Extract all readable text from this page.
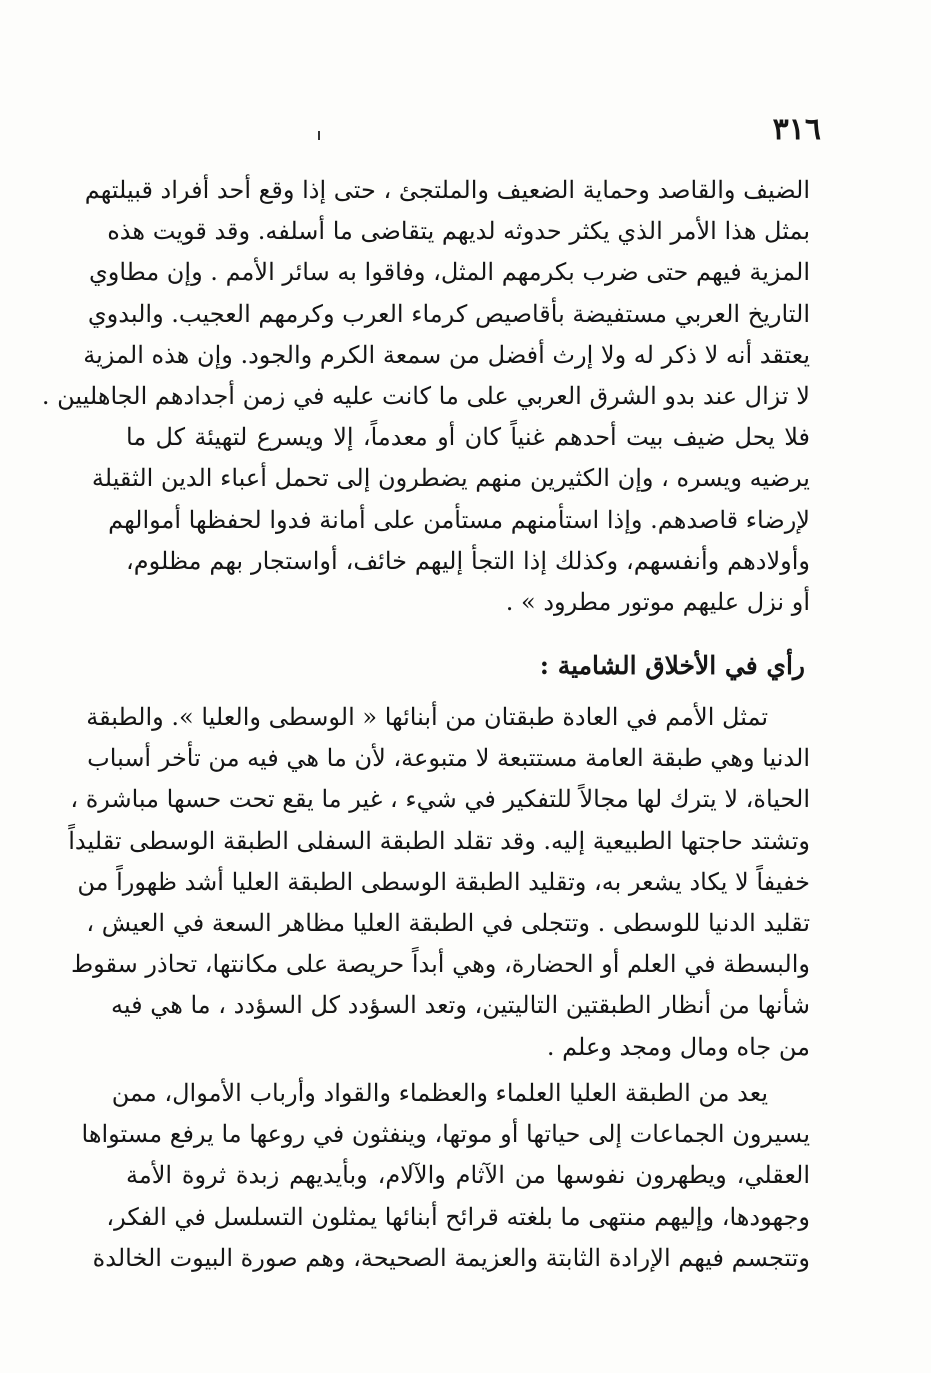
٣١٦

الضيف والقاصد وحماية الضعيف والملتجئ ، حتى إذا وقع أحد أفراد قبيلتهم
بمثل هذا الأمر الذي يكثر حدوثه لديهم يتقاضى ما أسلفه. وقد قويت هذه
المزية فيهم حتى ضرب بكرمهم المثل، وفاقوا به سائر الأمم . وإن مطاوي
التاريخ العربي مستفيضة بأقاصيص كرماء العرب وكرمهم العجيب. والبدوي
يعتقد أنه لا ذكر له ولا إرث أفضل من سمعة الكرم والجود. وإن هذه المزية
لا تزال عند بدو الشرق العربي على ما كانت عليه في زمن أجدادهم الجاهليين .
فلا يحل ضيف بيت أحدهم غنياً كان أو معدماً، إلا ويسرع لتهيئة كل ما
يرضيه ويسره ، وإن الكثيرين منهم يضطرون إلى تحمل أعباء الدين الثقيلة
لإرضاء قاصدهم. وإذا استأمنهم مستأمن على أمانة فدوا لحفظها أموالهم
وأولادهم وأنفسهم، وكذلك إذا التجأ إليهم خائف، أواستجار بهم مظلوم،
أو نزل عليهم موتور مطرود » .

رأي في الأخلاق الشامية :

تمثل الأمم في العادة طبقتان من أبنائها « الوسطى والعليا ». والطبقة
الدنيا وهي طبقة العامة مستتبعة لا متبوعة، لأن ما هي فيه من تأخر أسباب
الحياة، لا يترك لها مجالاً للتفكير في شيء ، غير ما يقع تحت حسها مباشرة ،
وتشتد حاجتها الطبيعية إليه. وقد تقلد الطبقة السفلى الطبقة الوسطى تقليداً
خفيفاً لا يكاد يشعر به، وتقليد الطبقة الوسطى الطبقة العليا أشد ظهوراً من
تقليد الدنيا للوسطى . وتتجلى في الطبقة العليا مظاهر السعة في العيش ،
والبسطة في العلم أو الحضارة، وهي أبداً حريصة على مكانتها، تحاذر سقوط
شأنها من أنظار الطبقتين التاليتين، وتعد السؤدد كل السؤدد ، ما هي فيه
من جاه ومال ومجد وعلم .

يعد من الطبقة العليا العلماء والعظماء والقواد وأرباب الأموال، ممن
يسيرون الجماعات إلى حياتها أو موتها، وينفثون في روعها ما يرفع مستواها
العقلي، ويطهرون نفوسها من الآثام والآلام، وبأيديهم زبدة ثروة الأمة
وجهودها، وإليهم منتهى ما بلغته قرائح أبنائها يمثلون التسلسل في الفكر،
وتتجسم فيهم الإرادة الثابتة والعزيمة الصحيحة، وهم صورة البيوت الخالدة
